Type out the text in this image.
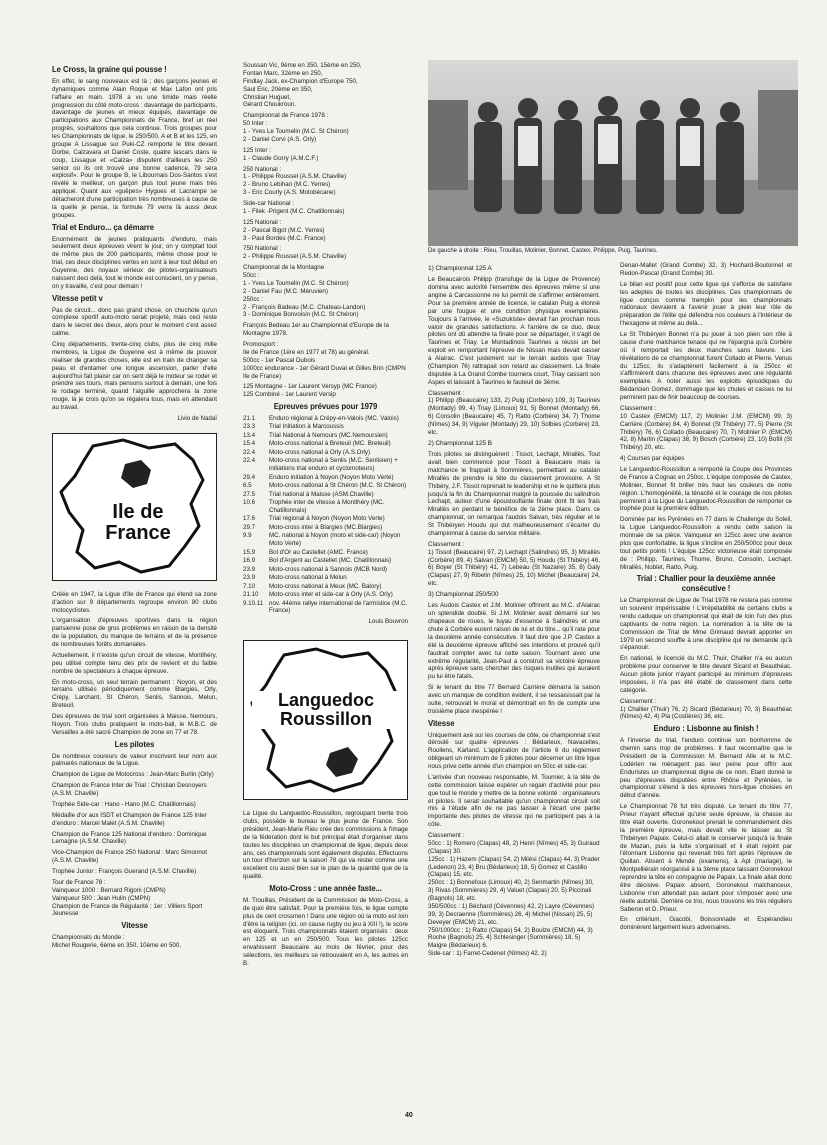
Le Cross, la graine qui pousse !

En effet, le sang nouveaux est là ; des garçons jeunes et dynamiques comme Alain Roque et Max Lafon ont pris l'affaire en main. 1978 a vu une timide mais réelle progression du côté moto-cross : davantage de participants, davantage de jeunes et mieux équipés, davantage de participations aux Championnats de France, bref un réel progrès, souhaitons que cela continue. Trois groupes pour les Championnats de ligue, le 250/500, A et B et les 125, en groupe A Lissague sur Puki-CZ remporte le titre devant Dorbe, Calzavara et Daniel Coste, quatre lascars dans le coup, Lissague et «Calza» disputent d'ailleurs les 250 senior où ils ont trouvé une bonne cadence, 79 sera explosif». Pour le groupe B, le Libournais Dos-Santos s'est révélé le meilleur, un garçon plus tout jeune mais très appliqué. Quant aux «guêpes» Hygues et Lacrampe se détacheront d'une participation très nombreuses à cause de la quelle je pense, la formule 79 verra là aussi deux groupes.

Trial et Enduro... ça démarre

Enormément de jeunes pratiquants d'enduro, mais seulement deux épreuves virent le jour, on y comptait tout de même plus de 200 participants, même chose pour le trial, ces deux disciplines vertes en sont à leur tout début en Guyenne, des noyaux sérieux de pilotes-organisateurs naissent deci delà, tout le monde est conscient, on y pense, on y travaille, c'est pour demain !

Vitesse petit v

Pas de circuit... donc pas grand chose, on chuchote qu'un complexe sportif auto-moto serait projeté, mais ceci reste dans le secret des dieux, alors pour le moment c'est assez calme.

Cinq départements, trente-cinq clubs, plus de cinq mille membres, la Ligue de Guyenne est à même de pouvoir réaliser de grandes choses, elle est en train de changer sa peau et d'entamer une longue ascension, parler d'elle aujourd'hui fait plaisir car on sent déjà le moteur se roder et prendre ses tours, mais pensons surtout à demain, une fois le rodage terminé, quand l'aiguille approchera la zone rouge, là je crois qu'on se régalera tous, mais en attendant au travail.

Livio de Nadaï

Ile de
France

Créée en 1947, la Ligue d'Ile de France qui étend sa zone d'action sur 9 départements regroupe environ 80 clubs motocyclistes.

L'organisation d'épreuves sportives dans la région parisienne pose de gros problèmes en raison de la densité de la population, du manque de terrains et de la présence de nombreuses forêts domaniales.

Actuellement, il n'existe qu'un circuit de vitesse, Montlhéry, peu utilisé compte tenu des prix de revient et du faible nombre de spectateurs à chaque épreuve.

En moto-cross, un seul terrain permanent : Noyon, et des terrains utilisés périodiquement comme Blargies, Orly, Crépy, Larchant, St Chéron, Senlis, Sannois, Melun, Breteuil.

Des épreuves de trial sont organisées à Maisse, Nemours, Noyon. Trois clubs pratiquent le moto-ball, le M.B.C. de Versailles a été sacré Champion de zone en 77 et 78.

Les pilotes

De nombreux coureurs de valeur inscrivent leur nom aux palmarès nationaux de la Ligue.

Champion de Ligue de Motocross : Jean-Marc Burlin (Orly)

Champion de France Inter de Trial : Christian Desnoyers (A.S.M. Chaville)

Trophée Side-car : Hano - Hano (M.C. Chatillonnais)

Médaille d'or aux ISDT et Champion de France 125 Inter d'enduro : Marcel Malet (A.S.M. Chaville)

Champion de France 125 National d'enduro : Dominique Lemagne (A.S.M. Chaville)

Vice-Champion de France 250 National : Marc Simonnot (A.S.M. Chaville)

Trophée Junior : François Guerand (A.S.M. Chaville)

Tour de France 78 :

Vainqueur 1000 : Bernard Rigoni (CMPN)

Vainqueur 500 : Jean Hulin (CMPN)

Champion de France de Régularité : 1er : Villiers Sport Jeunesse

Vitesse

Championnats du Monde :
Michel Rougerie, 6ème en 350, 10ème en 500,

Soussan Vic, 9ème en 350, 15ème en 250,
Fontan Marc, 32ème en 250,
Findlay Jack, ex-Champion d'Europe 750,
Saul Eric, 20ème en 350,
Christian Huguet,
Gérard Choukroun.

Championnat de France 1978 :
50 Inter :
1 - Yves Le Toumelin (M.C. St Chéron)
2 - Daniel Corvi (A.S. Orly)

125 Inter :
1 - Claude Gorry (A.M.C.F.)

250 National :
1 - Philippe Roussel (A.S.M. Chaville)
2 - Bruno Lebihan (M.C. Yerres)
3 - Eric Courly (A.S. Motobécane)

Side-car National :
1 - Filek -Prigent (M.C. Chatillonnais)

125 National :
2 - Pascal Bigot (M.C. Yerres)
3 - Paul Bordes (M.C. France)

750 National :
2 - Philippe Roussel (A.S.M. Chaville)

Championnat de la Montagne
50cc :
1 - Yves Le Toumelin (M.C. St Chéron)
2 - Daniel Fau (M.C. Méruvien)
250cc :
2 - François Badeau (M.C. Chateau-Landon)
3 - Dominique Bonvoisin (M.C. St Chéron)

François Bedeau 1er au Championnat d'Europe de la Montagne 1978.

Promosport :
Ile de France (1ère en 1977 et 78) au général.
500cc - 1er Pascal Dubois
1000cc endurance - 1er Gérard Duval et Gilles Brin (CMPN Ile de France)

125 Montagne - 1er Laurent Versyp (MC France)
125 Combiné - 1er Laurent Versip

Epreuves prévues pour 1979
21.1	Enduro régional à Crépy-en-Valois (MC. Valois)
23.3	Trial Initiation à Marcoussis
13.4	Trial National à Nemours (MC.Nemoursien)
15.4	Moto-cross national à Breteuil (MC. Breteuil)
22.4	Moto-cross national à Orly (A.S.Orly)
22.4	Moto-cross national à Senlis (M.C. Senlisien) + initiations trial enduro et cyclomoteurs)
29.4	Enduro initiation à Noyon (Noyon Moto Verte)
6.5	Moto-cross national à St Chéron (M.C. St Chéron)
27.5	Trial national à Maisse (ASM.Chaville)
10.6	Trophée inter de vitesse à Montlhéry (MC. Chatillonnais)
17.6	Trial régional à Noyon (Noyon Moto Verte)
29.7	Moto-cross inter à Blargies (MC.Blargies)
9.9	MC. national à Noyon (moto et side-car) (Noyon Moto Verte)
15.9	Bol d'Or au Castellet (AMC. France)
16.9	Bol d'Argent au Castellet (MC. Chatillonnais)
23.9	Moto-cross national à Sannois (MCB Nord)
23.9	Moto-cross national à Melun
7.10	Moto-cross national à Meux (MC. Balory)
21.10	Moto-cross inter et side-car à Orly (A.S. Orly)
9.10.11 nov. 44ème rallye international de l'armistice (M.C. France)

Louis Bouvron

Languedoc
Roussillon

La Ligue du Languedoc-Roussillon, regroupant trente trois clubs, possède le bureau le plus jeune de France. Son président, Jean-Marie Rieu crée des commissions à l'image de la fédération dont le but principal était d'organiser dans toutes les disciplines un championnat de ligue, depuis deux ans, ces championnats sont également disputés. Effectuons un tour d'horizon sur la saison 78 qui va rester comme une excellent cru aussi bien sur le plan de la quantité que de la qualité.

Moto-Cross : une année faste...

M. Trouillas, Président de la Commission de Moto-Cross, a de quoi être satisfait. Pour la première fois, le ligue compte plus de cent crossmen ! Dans une région où la moto est loin d'être la religion (ici, on cause rugby ou jeu à XIII !), le score est éloquent. Trois championnats étaient organisés : deux en 125 et un en 250/500. Tous les pilotes 125cc envahissent Beaucaire au mois de février, pour des sélections, les meilleurs se retrouvaient en A, les autres en B.

De gauche à droite : Rieu, Trouillas, Molinier, Bonnet, Castex, Philippe, Puig, Taurines.
1) Championnat 125 A

Le Beaucairois Philipp (transfuge de la Ligue de Provence) domina avec autorité l'ensemble des épreuves même si une angine à Carcassonne ne lui permit de s'affirmer entièrement. Pour sa première année de licence, le catalan Puig a étonné par une fougue et une condition physique exemplaires. Toujours à l'arrivée, le «Suzukiste» devrait l'an prochain nous valoir de grandes satisfactions. A l'arrière de ce duo, deux pilotes ont dû attendre la finale pour se départager, il s'agit de Taurines et Triay. Le Montadinois Taurines a réussi un bel exploit en remportant l'épreuve de Nissan mais devait casser à Alairac. C'est justement sur le terrain audois que Triay (Champion 76) rattrapait son retard au classement. La finale disputée à La Grand Combe tournera court, Triay cassant son Aspes et laissant à Taurines le fauteuil de 3ème.

Classement :
1) Philipp (Beaucaire) 133, 2) Puig (Corbère) 109, 3) Taurines (Montady) 99, 4) Triay (Limoux) 91, 5) Bonnet (Montady) 66, 6) Consolin (Beaucaire) 45, 7) Ratto (Corbère) 34, 7) Thome (Nîmes) 34, 9) Viguier (Montady) 29, 10) Solbies (Corbère) 23, etc.

2) Championnat 125 B

Trois pilotes se distinguèrent : Tissot, Lechapt, Mirallès. Tout avait bien commencé pour Tissot à Beaucaire mais la malchance le frappait à Sommières, permettant au catalan Mirallès de prendre la tête du classement provisoire. A St Thibéry, J.F. Tissot reprenait le leadership et ne le quittera plus jusqu'à la fin du Championnat malgré la poussée du salindrois Lechapt, auteur d'une époustouflante finale dont fit les frais Mirallès en perdant le bénéfice de la 2ème place. Dans ce championnat, on remarqua l'audois Salvan, très régulier et le St Thibéryen Houdu qui dut malheureusement s'écarter du championnat à cause du service militaire.

Classement :
1) Tissot (Beaucaire) 97, 2) Lechapt (Salindres) 95, 3) Mirallès (Corbère) 89, 4) Salvan (EMCM) 50, 5) Houdu (St Thibéry) 46, 6) Boyer (St Thibéry) 41, 7) Lebeau (St Nazaire) 35, 8) Galy (Clapas) 27, 9) Ribelin (Nîmes) 25, 10) Michel (Beaucaire) 24, etc.

3) Championnat 250/500

Les Audois Castex et J.M. Molinier offrirent au M.C. d'Alairac un splendide doublé. Si J.M. Molinier avait démarré sur les chapeaux de roues, le tuyau d'essence à Salindres et une chute à Corbère eurent raison de lui et du titre... qu'il rate pour la deuxième année consécutive. Il faut dire que J.P. Castex a été la deuxième épreuve affiché ses intentions et prouvé qu'il faudrait compter avec lui cette saison. Tournant avec une extrême régularité, Jean-Paul a construit sa victoire épreuve après épreuve sans chercher des risques inutiles qui auraient pu lui être fatals.

Si le tenant du titre 77 Bernard Carrière démarra la saison avec un manque de condition évident, il se ressaisissait par la suite, retrouvait le moral et démontrait en fin de compte une troisième place inespérée !

Vitesse

Uniquement axé sur les courses de côte, ce championnat s'est déroulé sur quatre épreuves : Bédarieux, Navacelles, Roullens, Karland. L'application de l'article 6 du règlement obligeant un minimum de 5 pilotes pour décerner un titre ligue nous prive cette année d'un champion en 50cc et side-car.

L'arrivée d'un nouveau responsable, M. Tournier, à la tête de cette commission laisse espérer un regain d'activité pour peu que tout le monde y mettre de la bonne volonté : organisateurs et pilotes. Il serait souhaitable qu'un championnat circuit soit mis à l'étude afin de ne pas laisser à l'écart une partie importante des pilotes de vitesse qui ne participent pas à la côte.

Classement :
50cc : 1) Romero (Clapas) 48, 2) Henri (Nîmes) 45, 3) Guiraud (Clapas) 30.
125cc : 1) Hazem (Clapas) 54, 2) Milési (Clapas) 44, 3) Prader (Ledenon) 23, 4) Bru (Bédarieux) 18, 5) Gomez et Castillo (Clapas) 15, etc.
250cc : 1) Bonnefoux (Limoux) 40, 2) Senmartin (Nîmes) 30, 3) Rivas (Sommières) 29, 4) Valuet (Clapas) 20, 5) Piccinali (Bagnols) 18, etc.
350/500cc : 1) Béchard (Cévennes) 42, 2) Layre (Cévennes) 39, 3) Decraenne (Sommières) 26, 4) Michel (Nissan) 25, 5) Deveyer (EMCM) 21, etc.
750/1000cc : 1) Ratto (Clapas) 54, 2) Boulze (EMCM) 44, 3) Roche (Bagnols) 25, 4) Schlesinger (Sommières) 18, 5) Maigre (Bédarieux) 6.
Side-car : 1) Farret-Cedenet (Nîmes) 42, 2)

Denan-Mallet (Grand Combe) 32, 3) Hochard-Boutonnet et Redon-Pascal (Grand Combe) 30.

Le bilan est positif pour cette ligue qui s'efforce de satisfaire les adeptes de toutes les disciplines. Ces championnats de ligue conçus comme tremplin pour les championnats nationaux devraient à l'avenir jouer à plein leur rôle de préparation de l'élite qui défendra nos couleurs à l'intérieur de l'hexagone et même au delà...

Le St Thibéryen Bonnet n'a pu jouer à son plein son rôle à cause d'une malchance tenace qui ne l'épargna qu'à Corbère où il remportait les deux manches sans bavure. Les révélations de ce championnat furent Collado et Pierre. Venus du 125cc, ils s'adaptèrent facilement à la 250cc et s'affirmèrent dans chacune des épreuves avec une régularité exemplaire. A noter aussi les exploits épisodiques du Bédaricien Gomez, dommage que les chutes et casses ne lui permirent pas de finir beaucoup de courses.

Classement :
10 Castex (EMCM) 117, 2) Molinier J.M. (EMCM) 99, 3) Carrière (Corbère) 84, 4) Bonnet (St Thibéry) 77, 5) Pierre (St Thibéry) 76, 6) Collado (Beaucaire) 70, 7) Molinier P. (EMCM) 42, 8) Martin (Clapas) 38, 9) Bosch (Corbère) 23, 10) Bofill (St Thibéry) 20, etc.

4) Courses par équipes

Le Languedoc-Roussillon a remporté la Coupe des Provinces de France à Cognac en 250cc. L'équipe composée de Castex, Molinier, Bonnet fit briller très haut les couleurs de notre région. L'homogénéité, la ténacité et le courage de nos pilotes permirent à la Ligue du Languedoc-Roussillon de remporter ce trophée pour la première édition.

Dominée par les Pyrénées en 77 dans le Challenge du Soleil, la Ligue Languedoc-Roussillon a rendu cette saison la monnaie de sa pièce. Vainqueur en 125cc avec une avance plus que confortable, la ligue s'incline en 250/500cc pour deux tout petits points ! L'équipe 125cc victorieuse était composée de : Philipp, Taurines, Thome, Bruno, Consolin, Lechapt, Mirallès, Noblet, Ratto, Puig.

Trial : Challier pour la deuxième année consécutive !

Le Championnat de Ligue de Trial 1978 ne restera pas comme un souvenir impérissable ! L'irrépétabilité de certains clubs a rendu caduque un championnat qui était de loin l'un des plus captivants de notre région. La nomination à la tête de la Commission de Trial de Mme Grimaud devrait apporter en 1979 un second souffle à une discipline qui ne demande qu'à s'épanouir.

En national, le licencié du M.C. Thuir, Challier n'a eu aucun problème pour conserver le titre devant Sicard et Beauthéac. Aucun pilote junior n'ayant participé au minimum d'épreuves imposées, il n'a pas été établi de classement dans cette catégorie.

Classement :
1) Challier (Thuir) 76, 2) Sicard (Bédarieux) 70, 3) Beauthéac (Nîmes) 42, 4) Pla (Costières) 36, etc.

Enduro : Lisbonne au finish !

A l'inverse du trial, l'enduro continue son bonhomme de chemin sans trop de problèmes. Il faut reconnaître que le Président de la Commission M. Bernard Alle et le M.C. Lodérien ne ménagent pas leur peine pour offrir aux Enduristes un championnat digne de ce nom. Etant donné le peu d'épreuves disputées entre Rhône et Pyrénées, le championnat s'étend à des épreuves hors-ligue choisies en début d'année.

Le Championnat 78 fut très disputé. Le tenant du titre 77, Prieur n'ayant effectué qu'une seule épreuve, la chasse au titre était ouverte. Goronekoul prenait le commandement dès la première épreuve, mais devait vite le laisser au St Thibéryen Papaix. Celui-ci allait le conserver jusqu'à la finale de Mazan, puis la lutte s'organisait et il était rejoint par l'étonnant Lisbonne qui revenait très fort après l'épreuve de Quillan. Absent à Mende (examens), à Apt (mariage), le Montpelliérain réorganisé à la 3ème place laissant Goronekoul reprendre la tête en compagnie de Papaix. La finale allait donc être décisive. Papaix absent, Goronekoul malchanceux, Lisbonne n'en attendait pas autant pour s'imposer avec une réelle autorité. Derrière ce trio, nous trouvons les très réguliers Saberon et D. Prieur.

En critérium, Giacobi, Boissonnade et Espérandieu dominèrent largement leurs adversaires.

40
